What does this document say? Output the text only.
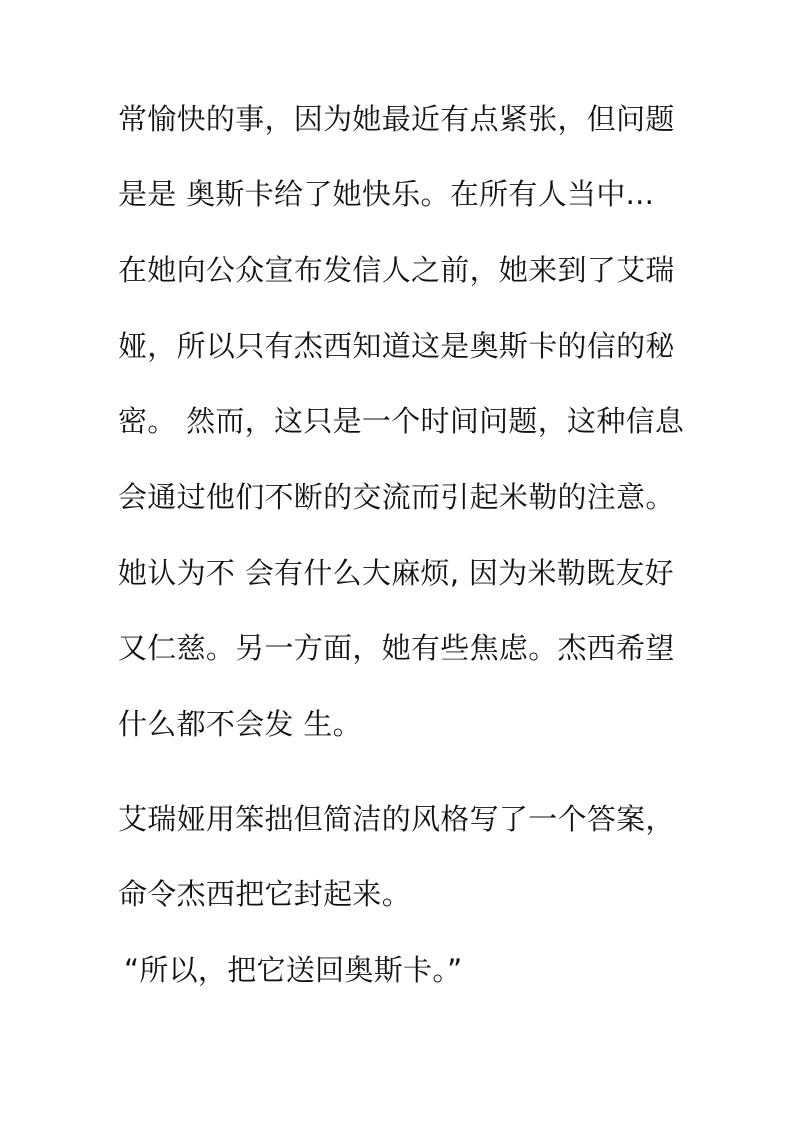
常愉快的事，因为她最近有点紧张，但问题
是是 奥斯卡给了她快乐。在所有人当中...
在她向公众宣布发信人之前，她来到了艾瑞
娅，所以只有杰西知道这是奥斯卡的信的秘
密。 然而，这只是一个时间问题，这种信息
会通过他们不断的交流而引起米勒的注意。
她认为不 会有什么大麻烦, 因为米勒既友好
又仁慈。另一方面，她有些焦虑。杰西希望
什么都不会发 生。
艾瑞娅用笨拙但简洁的风格写了一个答案，
命令杰西把它封起来。
“所以，把它送回奥斯卡。”
